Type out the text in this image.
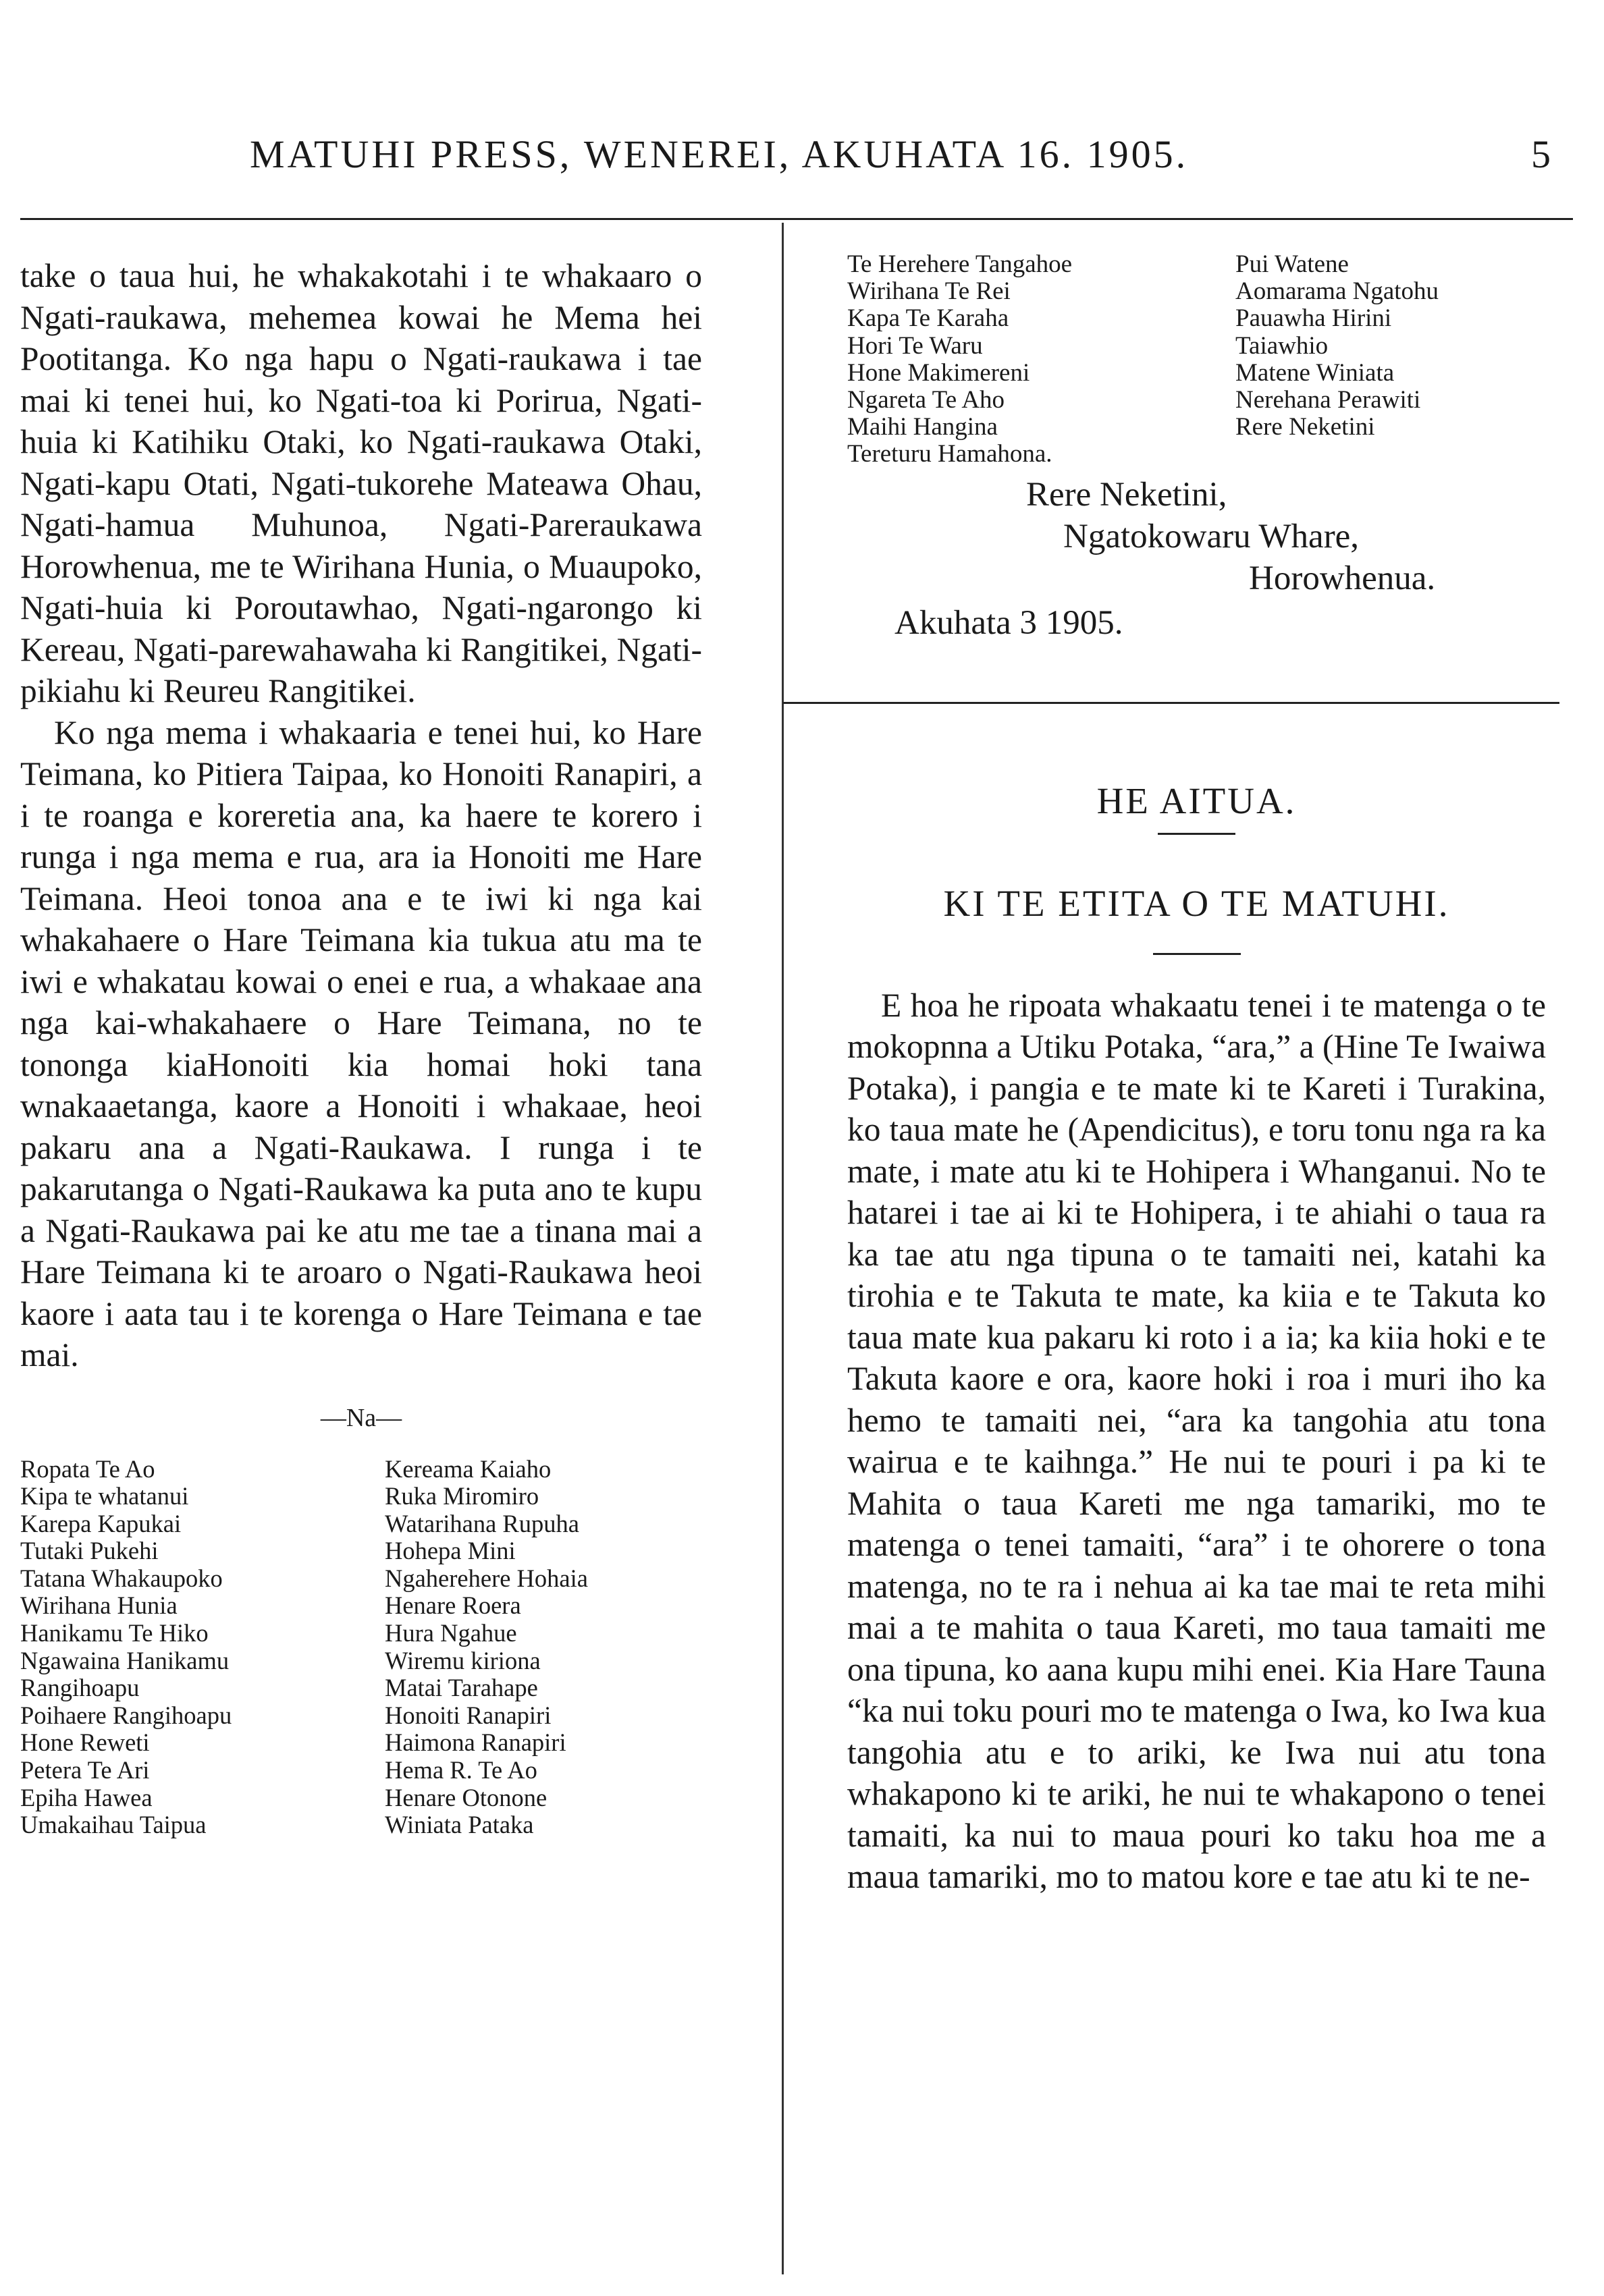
MATUHI PRESS, WENEREI, AKUHATA 16. 1905.	5

take o taua hui, he whakakotahi i te whakaaro o Ngati-raukawa, mehemea kowai he Mema hei Pootitanga. Ko nga hapu o Ngati-raukawa i tae mai ki tenei hui, ko Ngati-toa ki Porirua, Ngati-huia ki Katihiku Otaki, ko Ngati-raukawa Otaki, Ngati-kapu Otati, Ngati-tukorehe Mateawa Ohau, Ngati-hamua Muhunoa, Ngati-Pareraukawa Horowhenua, me te Wirihana Hunia, o Muaupoko, Ngati-huia ki Poroutawhao, Ngati-ngarongo ki Kereau, Ngati-parewahawaha ki Rangitikei, Ngati-pikiahu ki Reureu Rangitikei.

Ko nga mema i whakaaria e tenei hui, ko Hare Teimana, ko Pitiera Taipaa, ko Honoiti Ranapiri, a i te roanga e koreretia ana, ka haere te korero i runga i nga mema e rua, ara ia Honoiti me Hare Teimana. Heoi tonoa ana e te iwi ki nga kai whakahaere o Hare Teimana kia tukua atu ma te iwi e whakatau kowai o enei e rua, a whakaae ana nga kai-whakahaere o Hare Teimana, no te tononga kiaHonoiti kia homai hoki tana wnakaaetanga, kaore a Honoiti i whakaae, heoi pakaru ana a Ngati-Raukawa. I runga i te pakarutanga o Ngati-Raukawa ka puta ano te kupu a Ngati-Raukawa pai ke atu me tae a tinana mai a Hare Teimana ki te aroaro o Ngati-Raukawa heoi kaore i aata tau i te korenga o Hare Teimana e tae mai.

—Na—
Ropata Te Ao
Kipa te whatanui
Karepa Kapukai
Tutaki Pukehi
Tatana Whakaupoko
Wirihana Hunia
Hanikamu Te Hiko
Ngawaina Hanikamu
Rangihoapu
Poihaere Rangihoapu
Hone Reweti
Petera Te Ari
Epiha Hawea
Umakaihau Taipua
Kereama Kaiaho
Ruka Miromiro
Watarihana Rupuha
Hohepa Mini
Ngaherehere Hohaia
Henare Roera
Hura Ngahue
Wiremu kiriona
Matai Tarahape
Honoiti Ranapiri
Haimona Ranapiri
Hema R. Te Ao
Henare Otonone
Winiata Pataka
Te Herehere Tangahoe
Wirihana Te Rei
Kapa Te Karaha
Hori Te Waru
Hone Makimereni
Ngareta Te Aho
Maihi Hangina
Tereturu Hamahona.
Pui Watene
Aomarama Ngatohu
Pauawha Hirini
Taiawhio
Matene Winiata
Nerehana Perawiti
Rere Neketini
Rere Neketini,
Ngatokowaru Whare,
Horowhenua.
Akuhata 3 1905.
HE AITUA.
KI TE ETITA O TE MATUHI.

E hoa he ripoata whakaatu tenei i te matenga o te mokopnna a Utiku Potaka, “ara,” a (Hine Te Iwaiwa Potaka), i pangia e te mate ki te Kareti i Turakina, ko taua mate he (Apendicitus), e toru tonu nga ra ka mate, i mate atu ki te Hohipera i Whanganui. No te hatarei i tae ai ki te Hohipera, i te ahiahi o taua ra ka tae atu nga tipuna o te tamaiti nei, katahi ka tirohia e te Takuta te mate, ka kiia e te Takuta ko taua mate kua pakaru ki roto i a ia; ka kiia hoki e te Takuta kaore e ora, kaore hoki i roa i muri iho ka hemo te tamaiti nei, “ara ka tangohia atu tona wairua e te kaihnga.” He nui te pouri i pa ki te Mahita o taua Kareti me nga tamariki, mo te matenga o tenei tamaiti, “ara” i te ohorere o tona matenga, no te ra i nehua ai ka tae mai te reta mihi mai a te mahita o taua Kareti, mo taua tamaiti me ona tipuna, ko aana kupu mihi enei. Kia Hare Tauna “ka nui toku pouri mo te matenga o Iwa, ko Iwa kua tangohia atu e to ariki, ke Iwa nui atu tona whakapono ki te ariki, he nui te whakapono o tenei tamaiti, ka nui to maua pouri ko taku hoa me a maua tamariki, mo to matou kore e tae atu ki te ne-
